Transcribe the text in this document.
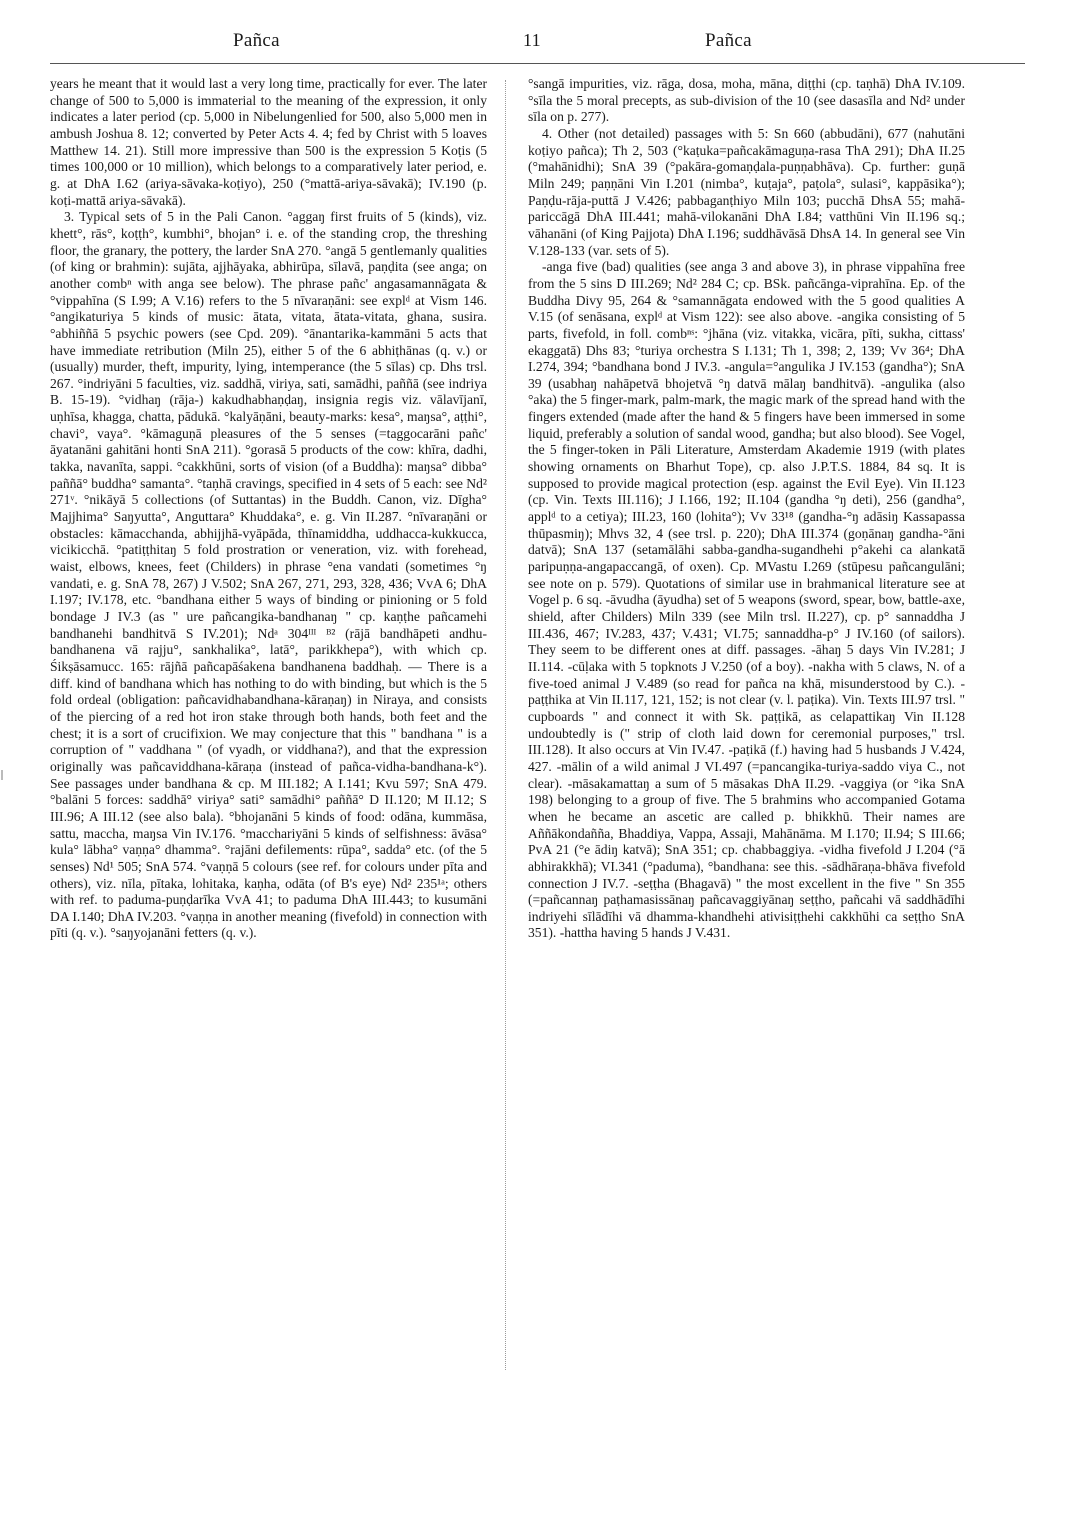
Pañca	11	Pañca

years he meant that it would last a very long time, practically for ever. The later change of 500 to 5,000 is immaterial to the meaning of the expression, it only indicates a later period (cp. 5,000 in Nibelungenlied for 500, also 5,000 men in ambush Joshua 8. 12; converted by Peter Acts 4. 4; fed by Christ with 5 loaves Matthew 14. 21). Still more impressive than 500 is the expression 5 Koṭis (5 times 100,000 or 10 million), which belongs to a comparatively later period, e. g. at DhA I.62 (ariya-sāvaka-koṭiyo), 250 (°mattā-ariya-sāvakā); IV.190 (p. koṭi-mattā ariya-sāvakā).

3. Typical sets of 5 in the Pali Canon. °aggaŋ first fruits of 5 (kinds), viz. khett°, rās°, koṭṭh°, kumbhi°, bhojan° i. e. of the standing crop, the threshing floor, the granary, the pottery, the larder SnA 270. °angā 5 gentlemanly qualities (of king or brahmin): sujāta, ajjhāyaka, abhirūpa, sīlavā, paṇḍita (see anga; on another combⁿ with anga see below). The phrase pañc' angasamannāgata & °vippahīna (S I.99; A V.16) refers to the 5 nīvaraṇāni: see explᵈ at Vism 146. °angikaturiya 5 kinds of music: ātata, vitata, ātata-vitata, ghana, susira. °abhiññā 5 psychic powers (see Cpd. 209). °ānantarika-kammāni 5 acts that have immediate retribution (Miln 25), either 5 of the 6 abhiṭhānas (q. v.) or (usually) murder, theft, impurity, lying, intemperance (the 5 sīlas) cp. Dhs trsl. 267. °indriyāni 5 faculties, viz. saddhā, viriya, sati, samādhi, paññā (see indriya B. 15-19). °vidhaŋ (rāja-) kakudhabhaṇḍaŋ, insignia regis viz. vālavījanī, uṇhīsa, khagga, chatta, pādukā. °kalyāṇāni, beauty-marks: kesa°, maŋsa°, aṭṭhi°, chavi°, vaya°. °kāmaguṇā pleasures of the 5 senses (=taggocarāni pañc' āyatanāni gahitāni honti SnA 211). °gorasā 5 products of the cow: khīra, dadhi, takka, navanīta, sappi. °cakkhūni, sorts of vision (of a Buddha): maŋsa° dibba° paññā° buddha° samanta°. °taṇhā cravings, specified in 4 sets of 5 each: see Nd² 271ᵛ. °nikāyā 5 collections (of Suttantas) in the Buddh. Canon, viz. Dīgha° Majjhima° Saŋyutta°, Anguttara° Khuddaka°, e. g. Vin II.287. °nīvaraṇāni or obstacles: kāmacchanda, abhijjhā-vyāpāda, thīnamiddha, uddhacca-kukkucca, vicikicchā. °patiṭṭhitaŋ 5 fold prostration or veneration, viz. with forehead, waist, elbows, knees, feet (Childers) in phrase °ena vandati (sometimes °ŋ vandati, e. g. SnA 78, 267) J V.502; SnA 267, 271, 293, 328, 436; VvA 6; DhA I.197; IV.178, etc. °bandhana either 5 ways of binding or pinioning or 5 fold bondage J IV.3 (as " ure pañcangika-bandhanaŋ " cp. kaṇṭhe pañcamehi bandhanehi bandhitvā S IV.201); Ndᵃ 304ᴵᴵᴵ ᴮ² (rājā bandhāpeti andhu-bandhanena vā rajju°, sankhalika°, latā°, parikkhepa°), with which cp. Śikṣāsamucc. 165: rājñā pañcapāśakena bandhanena baddhaḥ. — There is a diff. kind of bandhana which has nothing to do with binding, but which is the 5 fold ordeal (obligation: pañcavidhabandhana-kāraṇaŋ) in Niraya, and consists of the piercing of a red hot iron stake through both hands, both feet and the chest; it is a sort of crucifixion. We may conjecture that this " bandhana " is a corruption of " vaddhana " (of vyadh, or viddhana?), and that the expression originally was pañcaviddhana-kāraṇa (instead of pañca-vidha-bandhana-k°). See passages under bandhana & cp. M III.182; A I.141; Kvu 597; SnA 479. °balāni 5 forces: saddhā° viriya° sati° samādhi° paññā° D II.120; M II.12; S III.96; A III.12 (see also bala). °bhojanāni 5 kinds of food: odāna, kummāsa, sattu, maccha, maŋsa Vin IV.176. °macchariyāni 5 kinds of selfishness: āvāsa° kula° lābha° vaṇṇa° dhamma°. °rajāni defilements: rūpa°, sadda° etc. (of the 5 senses) Nd¹ 505; SnA 574. °vaṇṇā 5 colours (see ref. for colours under pīta and others), viz. nīla, pītaka, lohitaka, kaṇha, odāta (of B's eye) Nd² 235¹ᵃ; others with ref. to paduma-puṇḍarīka VvA 41; to paduma DhA III.443; to kusumāni DA I.140; DhA IV.203. °vaṇṇa in another meaning (fivefold) in connection with pīti (q. v.). °saŋyojanāni fetters (q. v.).

°sangā impurities, viz. rāga, dosa, moha, māna, diṭṭhi (cp. taṇhā) DhA IV.109. °sīla the 5 moral precepts, as sub-division of the 10 (see dasasīla and Nd² under sīla on p. 277).

4. Other (not detailed) passages with 5: Sn 660 (abbudāni), 677 (nahutāni koṭiyo pañca); Th 2, 503 (°kaṭuka=pañcakāmaguṇa-rasa ThA 291); DhA II.25 (°mahānidhi); SnA 39 (°pakāra-gomaṇḍala-puṇṇabhāva). Cp. further: guṇā Miln 249; paṇṇāni Vin I.201 (nimba°, kuṭaja°, paṭola°, sulasi°, kappāsika°); Paṇḍu-rāja-puttā J V.426; pabbaganṭhiyo Miln 103; pucchā DhsA 55; mahā-pariccāgā DhA III.441; mahā-vilokanāni DhA I.84; vatthūni Vin II.196 sq.; vāhanāni (of King Pajjota) DhA I.196; suddhāvāsā DhsA 14. In general see Vin V.128-133 (var. sets of 5).

-anga five (bad) qualities (see anga 3 and above 3), in phrase vippahīna free from the 5 sins D III.269; Nd² 284 C; cp. BSk. pañcānga-viprahīna. Ep. of the Buddha Divy 95, 264 & °samannāgata endowed with the 5 good qualities A V.15 (of senāsana, explᵈ at Vism 122): see also above. -angika consisting of 5 parts, fivefold, in foll. combⁿˢ: °jhāna (viz. vitakka, vicāra, pīti, sukha, cittass' ekaggatā) Dhs 83; °turiya orchestra S I.131; Th 1, 398; 2, 139; Vv 36⁴; DhA I.274, 394; °bandhana bond J IV.3. -angula=°angulika J IV.153 (gandha°); SnA 39 (usabhaŋ nahāpetvā bhojetvā °ŋ datvā mālaŋ bandhitvā). -angulika (also °aka) the 5 finger-mark, palm-mark, the magic mark of the spread hand with the fingers extended (made after the hand & 5 fingers have been immersed in some liquid, preferably a solution of sandal wood, gandha; but also blood). See Vogel, the 5 finger-token in Pāli Literature, Amsterdam Akademie 1919 (with plates showing ornaments on Bharhut Tope), cp. also J.P.T.S. 1884, 84 sq. It is supposed to provide magical protection (esp. against the Evil Eye). Vin II.123 (cp. Vin. Texts III.116); J I.166, 192; II.104 (gandha °ŋ deti), 256 (gandha°, applᵈ to a cetiya); III.23, 160 (lohita°); Vv 33¹⁸ (gandha-°ŋ adāsiŋ Kassapassa thūpasmiŋ); Mhvs 32, 4 (see trsl. p. 220); DhA III.374 (goṇānaŋ gandha-°āni datvā); SnA 137 (setamālāhi sabba-gandha-sugandhehi p°akehi ca alankatā paripuṇṇa-angapaccangā, of oxen). Cp. MVastu I.269 (stūpesu pañcangulāni; see note on p. 579). Quotations of similar use in brahmanical literature see at Vogel p. 6 sq. -āvudha (āyudha) set of 5 weapons (sword, spear, bow, battle-axe, shield, after Childers) Miln 339 (see Miln trsl. II.227), cp. p° sannaddha J III.436, 467; IV.283, 437; V.431; VI.75; sannaddha-p° J IV.160 (of sailors). They seem to be different ones at diff. passages. -āhaŋ 5 days Vin IV.281; J II.114. -cūḷaka with 5 topknots J V.250 (of a boy). -nakha with 5 claws, N. of a five-toed animal J V.489 (so read for pañca na khā, misunderstood by C.). -paṭṭhika at Vin II.117, 121, 152; is not clear (v. l. paṭika). Vin. Texts III.97 trsl. " cupboards " and connect it with Sk. paṭṭikā, as celapattikaŋ Vin II.128 undoubtedly is (" strip of cloth laid down for ceremonial purposes," trsl. III.128). It also occurs at Vin IV.47. -paṭikā (f.) having had 5 husbands J V.424, 427. -mālin of a wild animal J VI.497 (=pancangika-turiya-saddo viya C., not clear). -māsakamattaŋ a sum of 5 māsakas DhA II.29. -vaggiya (or °ika SnA 198) belonging to a group of five. The 5 brahmins who accompanied Gotama when he became an ascetic are called p. bhikkhū. Their names are Aññākondañña, Bhaddiya, Vappa, Assaji, Mahānāma. M I.170; II.94; S III.66; PvA 21 (°e ādiŋ katvā); SnA 351; cp. chabbaggiya. -vidha fivefold J I.204 (°ā abhirakkhā); VI.341 (°paduma), °bandhana: see this. -sādhāraṇa-bhāva fivefold connection J IV.7. -seṭṭha (Bhagavā) " the most excellent in the five " Sn 355 (=pañcannaŋ paṭhamasissānaŋ pañcavaggiyānaŋ seṭṭho, pañcahi vā saddhādīhi indriyehi sīlādīhi vā dhamma-khandhehi ativisiṭṭhehi cakkhūhi ca seṭṭho SnA 351). -hattha having 5 hands J V.431.
